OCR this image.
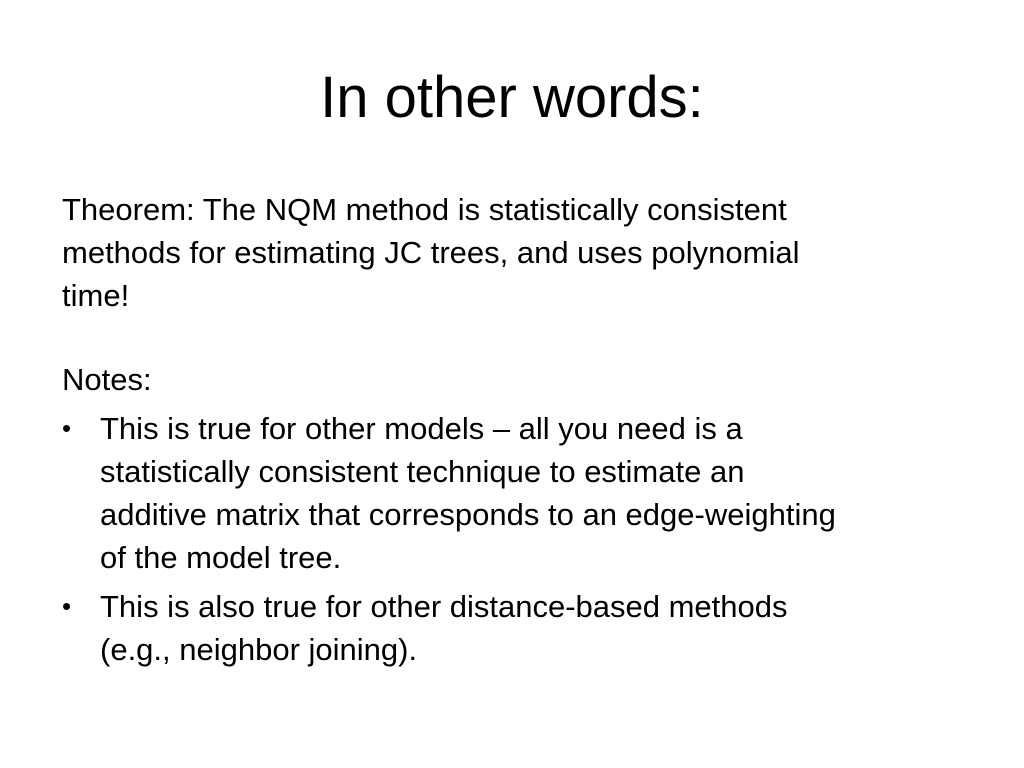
In other words:

Theorem: The NQM method is statistically consistent
methods for estimating JC trees, and uses polynomial
time!

Notes:

• This is true for other models – all you need is a
statistically consistent technique to estimate an
additive matrix that corresponds to an edge-weighting
of the model tree.
• This is also true for other distance-based methods
(e.g., neighbor joining).
